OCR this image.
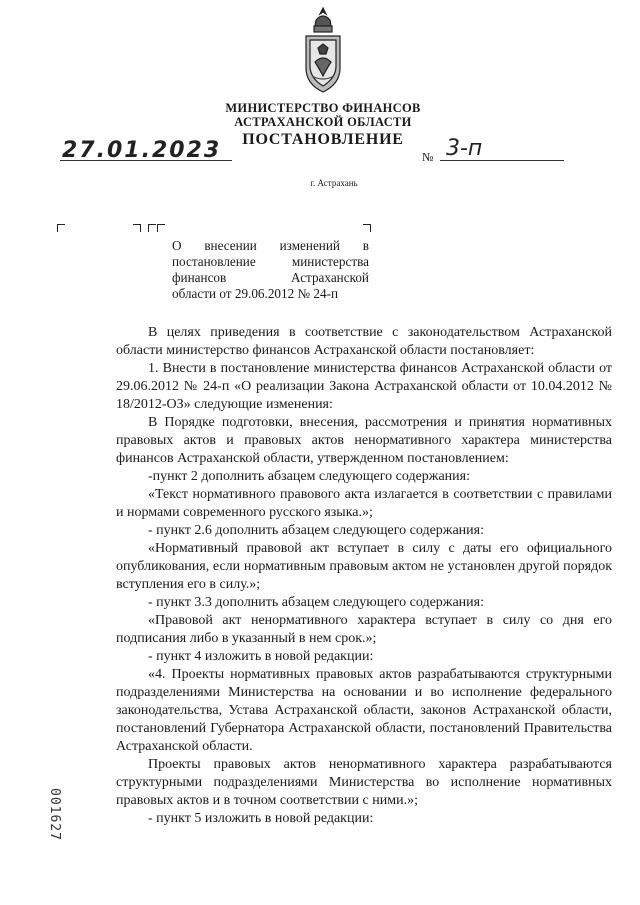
МИНИСТЕРСТВО ФИНАНСОВ
АСТРАХАНСКОЙ ОБЛАСТИ
ПОСТАНОВЛЕНИЕ
27.01.2023	№ 3-п
г. Астрахань
О внесении изменений в
постановление министерства
финансов Астраханской
области от 29.06.2012 № 24-п

В целях приведения в соответствие с законодательством Астраханской области министерство финансов Астраханской области постановляет:

1. Внести в постановление министерства финансов Астраханской области от 29.06.2012 № 24-п «О реализации Закона Астраханской области от 10.04.2012 № 18/2012-ОЗ» следующие изменения:

В Порядке подготовки, внесения, рассмотрения и принятия нормативных правовых актов и правовых актов ненормативного характера министерства финансов Астраханской области, утвержденном постановлением:

-пункт 2 дополнить абзацем следующего содержания:

«Текст нормативного правового акта излагается в соответствии с правилами и нормами современного русского языка.»;

- пункт 2.6 дополнить абзацем следующего содержания:

«Нормативный правовой акт вступает в силу с даты его официального опубликования, если нормативным правовым актом не установлен другой порядок вступления его в силу.»;

- пункт 3.3 дополнить абзацем следующего содержания:

«Правовой акт ненормативного характера вступает в силу со дня его подписания либо в указанный в нем срок.»;

- пункт 4 изложить в новой редакции:

«4. Проекты нормативных правовых актов разрабатываются структурными подразделениями Министерства на основании и во исполнение федерального законодательства, Устава Астраханской области, законов Астраханской области, постановлений Губернатора Астраханской области, постановлений Правительства Астраханской области.

Проекты правовых актов ненормативного характера разрабатываются структурными подразделениями Министерства во исполнение нормативных правовых актов и в точном соответствии с ними.»;

- пункт 5 изложить в новой редакции:

001627
